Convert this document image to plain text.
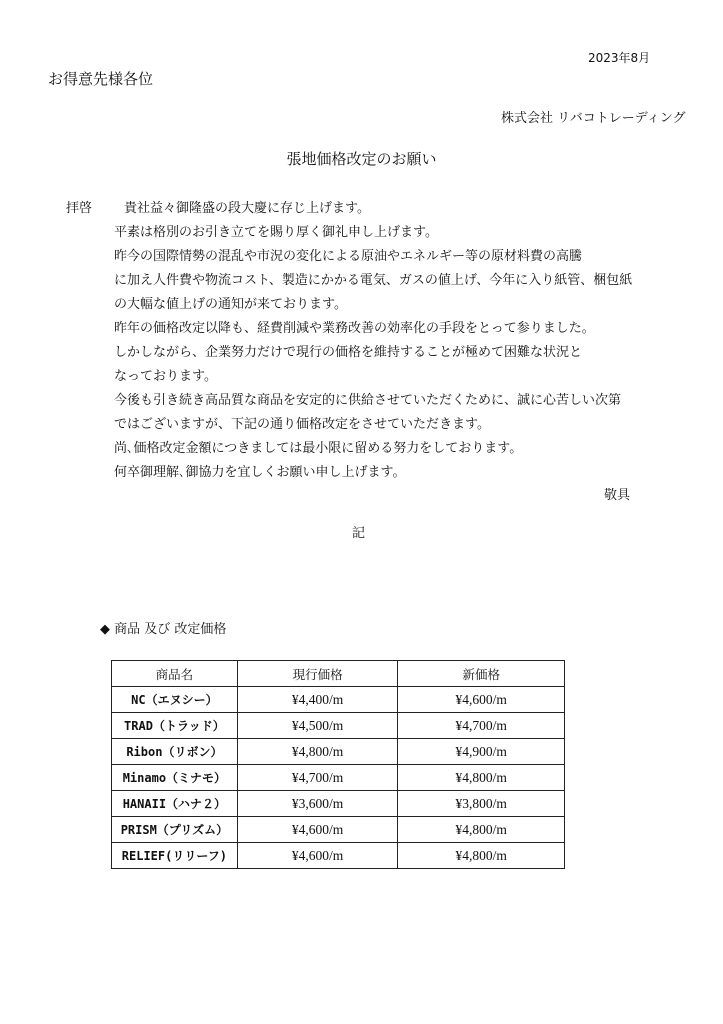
2023年8月
お得意先様各位
株式会社 リバコトレーディング
張地価格改定のお願い
拝啓 貴社益々御隆盛の段大慶に存じ上げます。
平素は格別のお引き立てを賜り厚く御礼申し上げます。
昨今の国際情勢の混乱や市況の変化による原油やエネルギー等の原材料費の高騰
に加え人件費や物流コスト、製造にかかる電気、ガスの値上げ、今年に入り紙管、梱包紙
の大幅な値上げの通知が来ております。
昨年の価格改定以降も、経費削減や業務改善の効率化の手段をとって参りました。
しかしながら、企業努力だけで現行の価格を維持することが極めて困難な状況と
なっております。
今後も引き続き高品質な商品を安定的に供給させていただくために、誠に心苦しい次第
ではございますが、下記の通り価格改定をさせていただきます。
尚､価格改定金額につきましては最小限に留める努力をしております。
何卒御理解､御協力を宜しくお願い申し上げます。
敬具
記
◆ 商品 及び 改定価格
商品名	現行価格	新価格
NC（エヌシー）	¥4,400/m	¥4,600/m
TRAD（トラッド）	¥4,500/m	¥4,700/m
Ribon（リボン）	¥4,800/m	¥4,900/m
Minamo（ミナモ）	¥4,700/m	¥4,800/m
HANAII（ハナ２）	¥3,600/m	¥3,800/m
PRISM（プリズム）	¥4,600/m	¥4,800/m
RELIEF(リリーフ)	¥4,600/m	¥4,800/m
